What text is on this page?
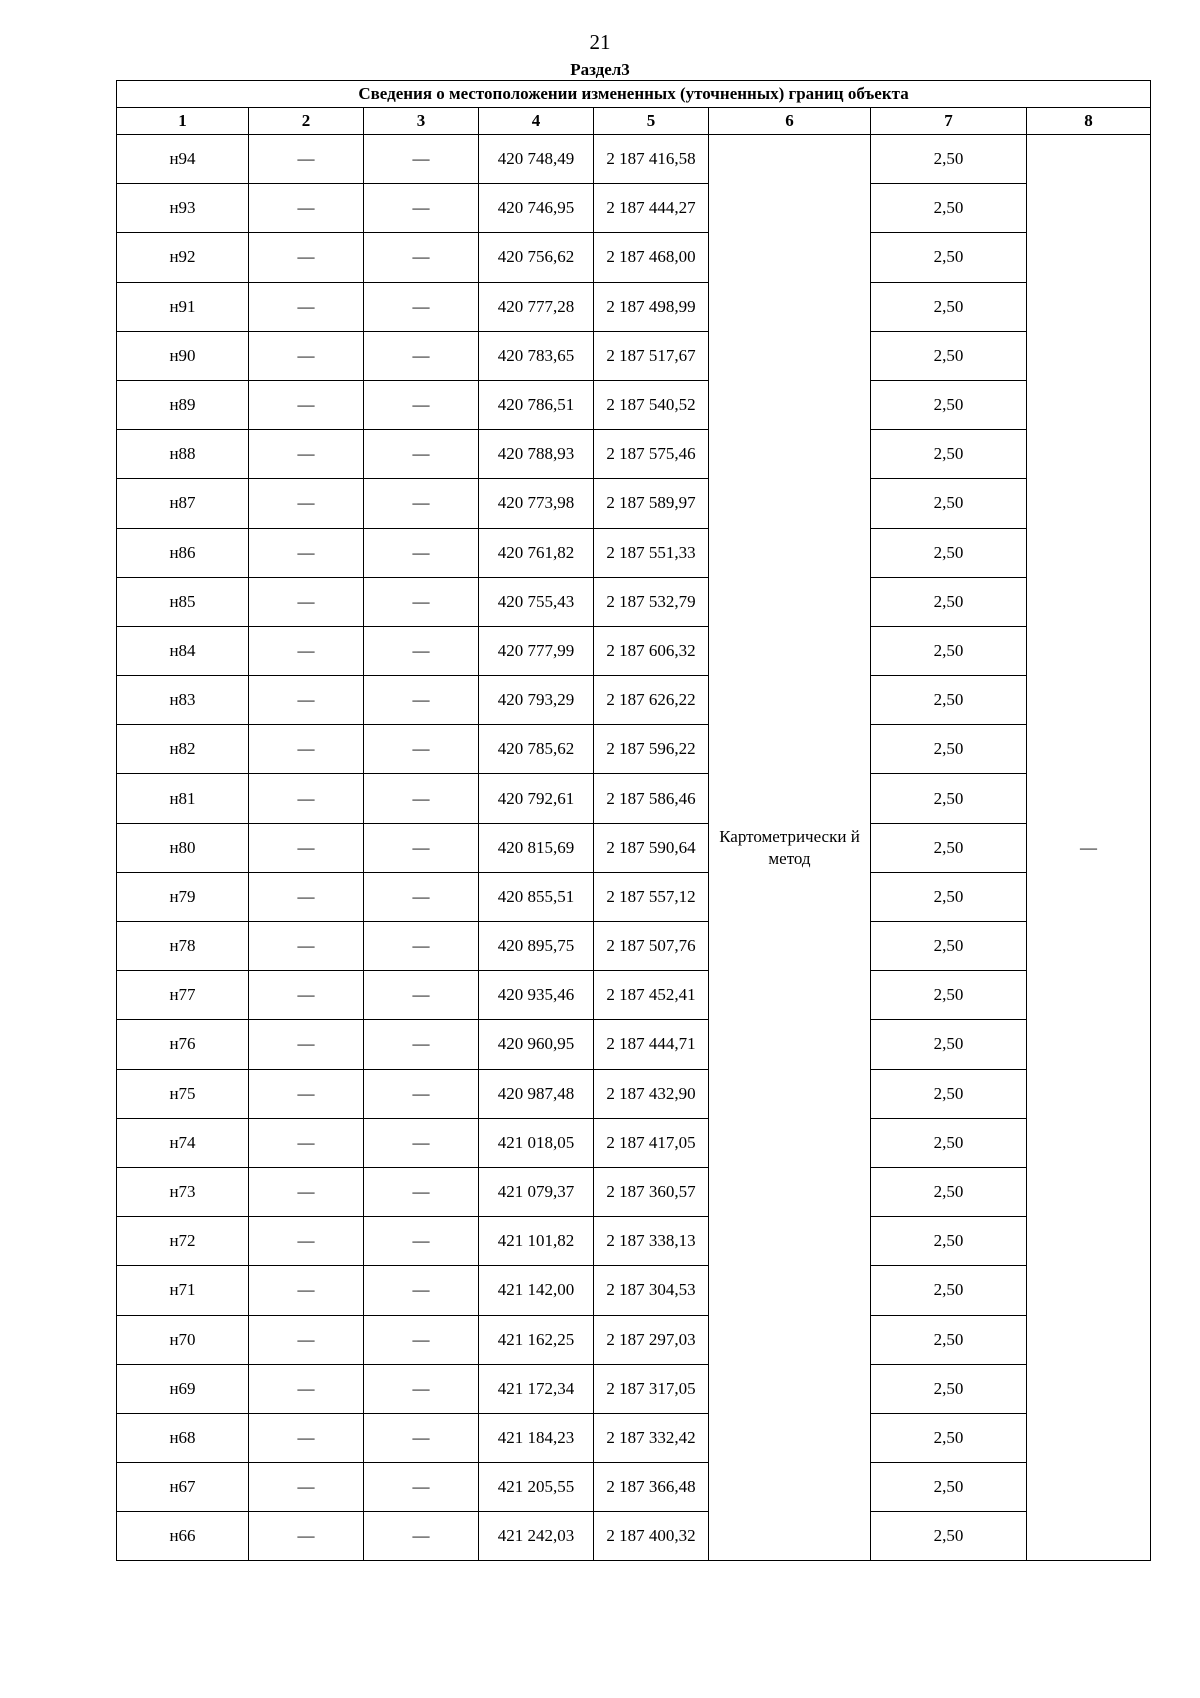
21
Раздел3
Сведения о местоположении измененных (уточненных) границ объекта							
1	2	3	4	5	6	7	8
н94	—	—	420 748,49	2 187 416,58	Картометрически й метод	2,50	—
н93	—	—	420 746,95	2 187 444,27		2,50	
н92	—	—	420 756,62	2 187 468,00		2,50	
н91	—	—	420 777,28	2 187 498,99		2,50	
н90	—	—	420 783,65	2 187 517,67		2,50	
н89	—	—	420 786,51	2 187 540,52		2,50	
н88	—	—	420 788,93	2 187 575,46		2,50	
н87	—	—	420 773,98	2 187 589,97		2,50	
н86	—	—	420 761,82	2 187 551,33		2,50	
н85	—	—	420 755,43	2 187 532,79		2,50	
н84	—	—	420 777,99	2 187 606,32		2,50	
н83	—	—	420 793,29	2 187 626,22		2,50	
н82	—	—	420 785,62	2 187 596,22		2,50	
н81	—	—	420 792,61	2 187 586,46		2,50	
н80	—	—	420 815,69	2 187 590,64		2,50	
н79	—	—	420 855,51	2 187 557,12		2,50	
н78	—	—	420 895,75	2 187 507,76		2,50	
н77	—	—	420 935,46	2 187 452,41		2,50	
н76	—	—	420 960,95	2 187 444,71		2,50	
н75	—	—	420 987,48	2 187 432,90		2,50	
н74	—	—	421 018,05	2 187 417,05		2,50	
н73	—	—	421 079,37	2 187 360,57		2,50	
н72	—	—	421 101,82	2 187 338,13		2,50	
н71	—	—	421 142,00	2 187 304,53		2,50	
н70	—	—	421 162,25	2 187 297,03		2,50	
н69	—	—	421 172,34	2 187 317,05		2,50	
н68	—	—	421 184,23	2 187 332,42		2,50	
н67	—	—	421 205,55	2 187 366,48		2,50	
н66	—	—	421 242,03	2 187 400,32		2,50	
